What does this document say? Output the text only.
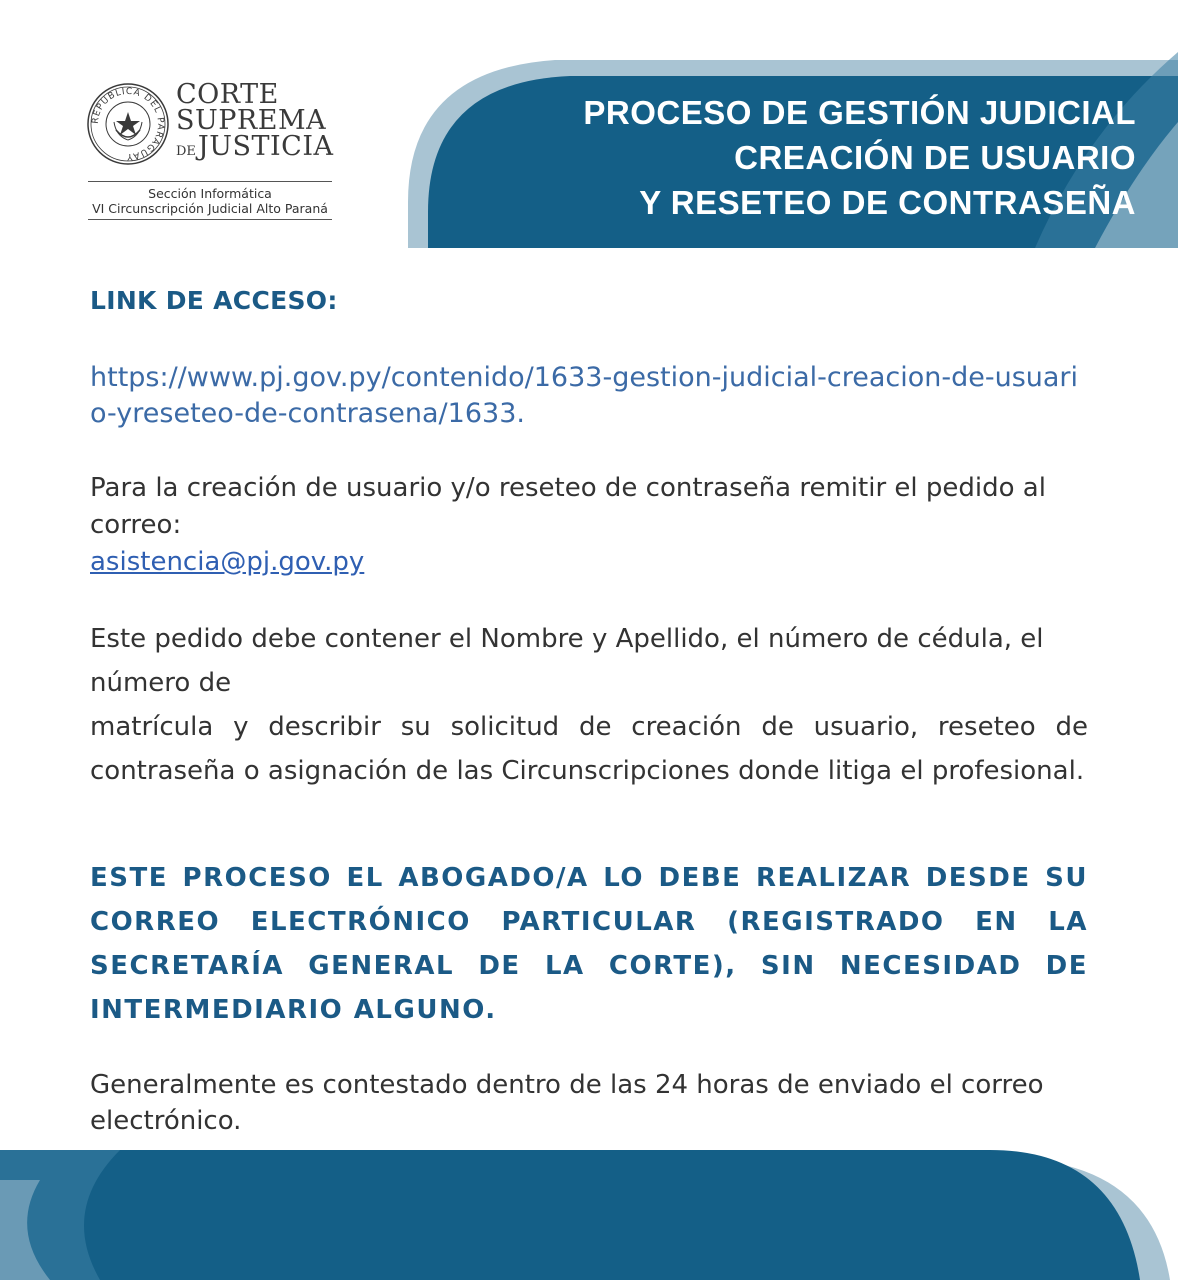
REPUBLICA DEL PARAGUAY
CORTE
SUPREMA
DEJUSTICIA
Sección Informática
VI Circunscripción Judicial Alto Paraná
PROCESO DE GESTIÓN JUDICIAL
CREACIÓN DE USUARIO
Y RESETEO DE CONTRASEÑA
LINK DE ACCESO:
https://www.pj.gov.py/contenido/1633-gestion-judicial-creacion-de-usuario-yreseteo-de-contrasena/1633.
Para la creación de usuario y/o reseteo de contraseña remitir el pedido al correo:
asistencia@pj.gov.py
Este pedido debe contener el Nombre y Apellido, el número de cédula, el número de
matrícula y describir su solicitud de creación de usuario, reseteo de contraseña o asignación de las Circunscripciones donde litiga el profesional.
ESTE PROCESO EL ABOGADO/A LO DEBE REALIZAR DESDE SU CORREO ELECTRÓNICO PARTICULAR (REGISTRADO EN LA SECRETARÍA GENERAL DE LA CORTE), SIN NECESIDAD DE INTERMEDIARIO ALGUNO.
Generalmente es contestado dentro de las 24 horas de enviado el correo electrónico.
